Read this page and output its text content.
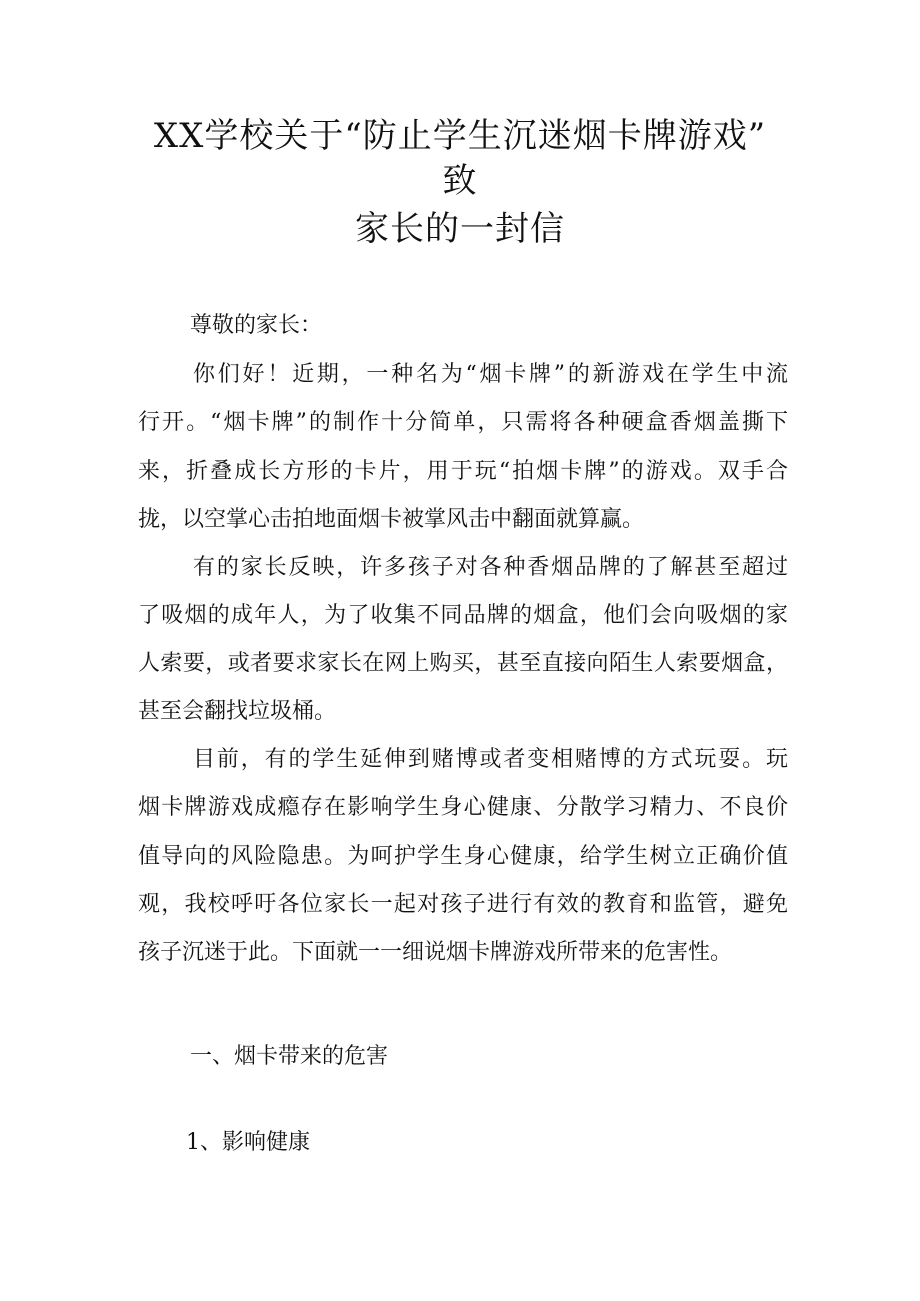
XX学校关于“防止学生沉迷烟卡牌游戏”
致
家长的一封信

尊敬的家长：

你们好！近期，一种名为“烟卡牌”的新游戏在学生中流

行开。“烟卡牌”的制作十分简单，只需将各种硬盒香烟盖撕下

来，折叠成长方形的卡片，用于玩“拍烟卡牌”的游戏。双手合

拢，以空掌心击拍地面烟卡被掌风击中翻面就算赢。

有的家长反映，许多孩子对各种香烟品牌的了解甚至超过

了吸烟的成年人，为了收集不同品牌的烟盒，他们会向吸烟的家

人索要，或者要求家长在网上购买，甚至直接向陌生人索要烟盒，

甚至会翻找垃圾桶。

目前，有的学生延伸到赌博或者变相赌博的方式玩耍。玩

烟卡牌游戏成瘾存在影响学生身心健康、分散学习精力、不良价

值导向的风险隐患。为呵护学生身心健康，给学生树立正确价值

观，我校呼吁各位家长一起对孩子进行有效的教育和监管，避免

孩子沉迷于此。下面就一一细说烟卡牌游戏所带来的危害性。

一、烟卡带来的危害
1、影响健康
